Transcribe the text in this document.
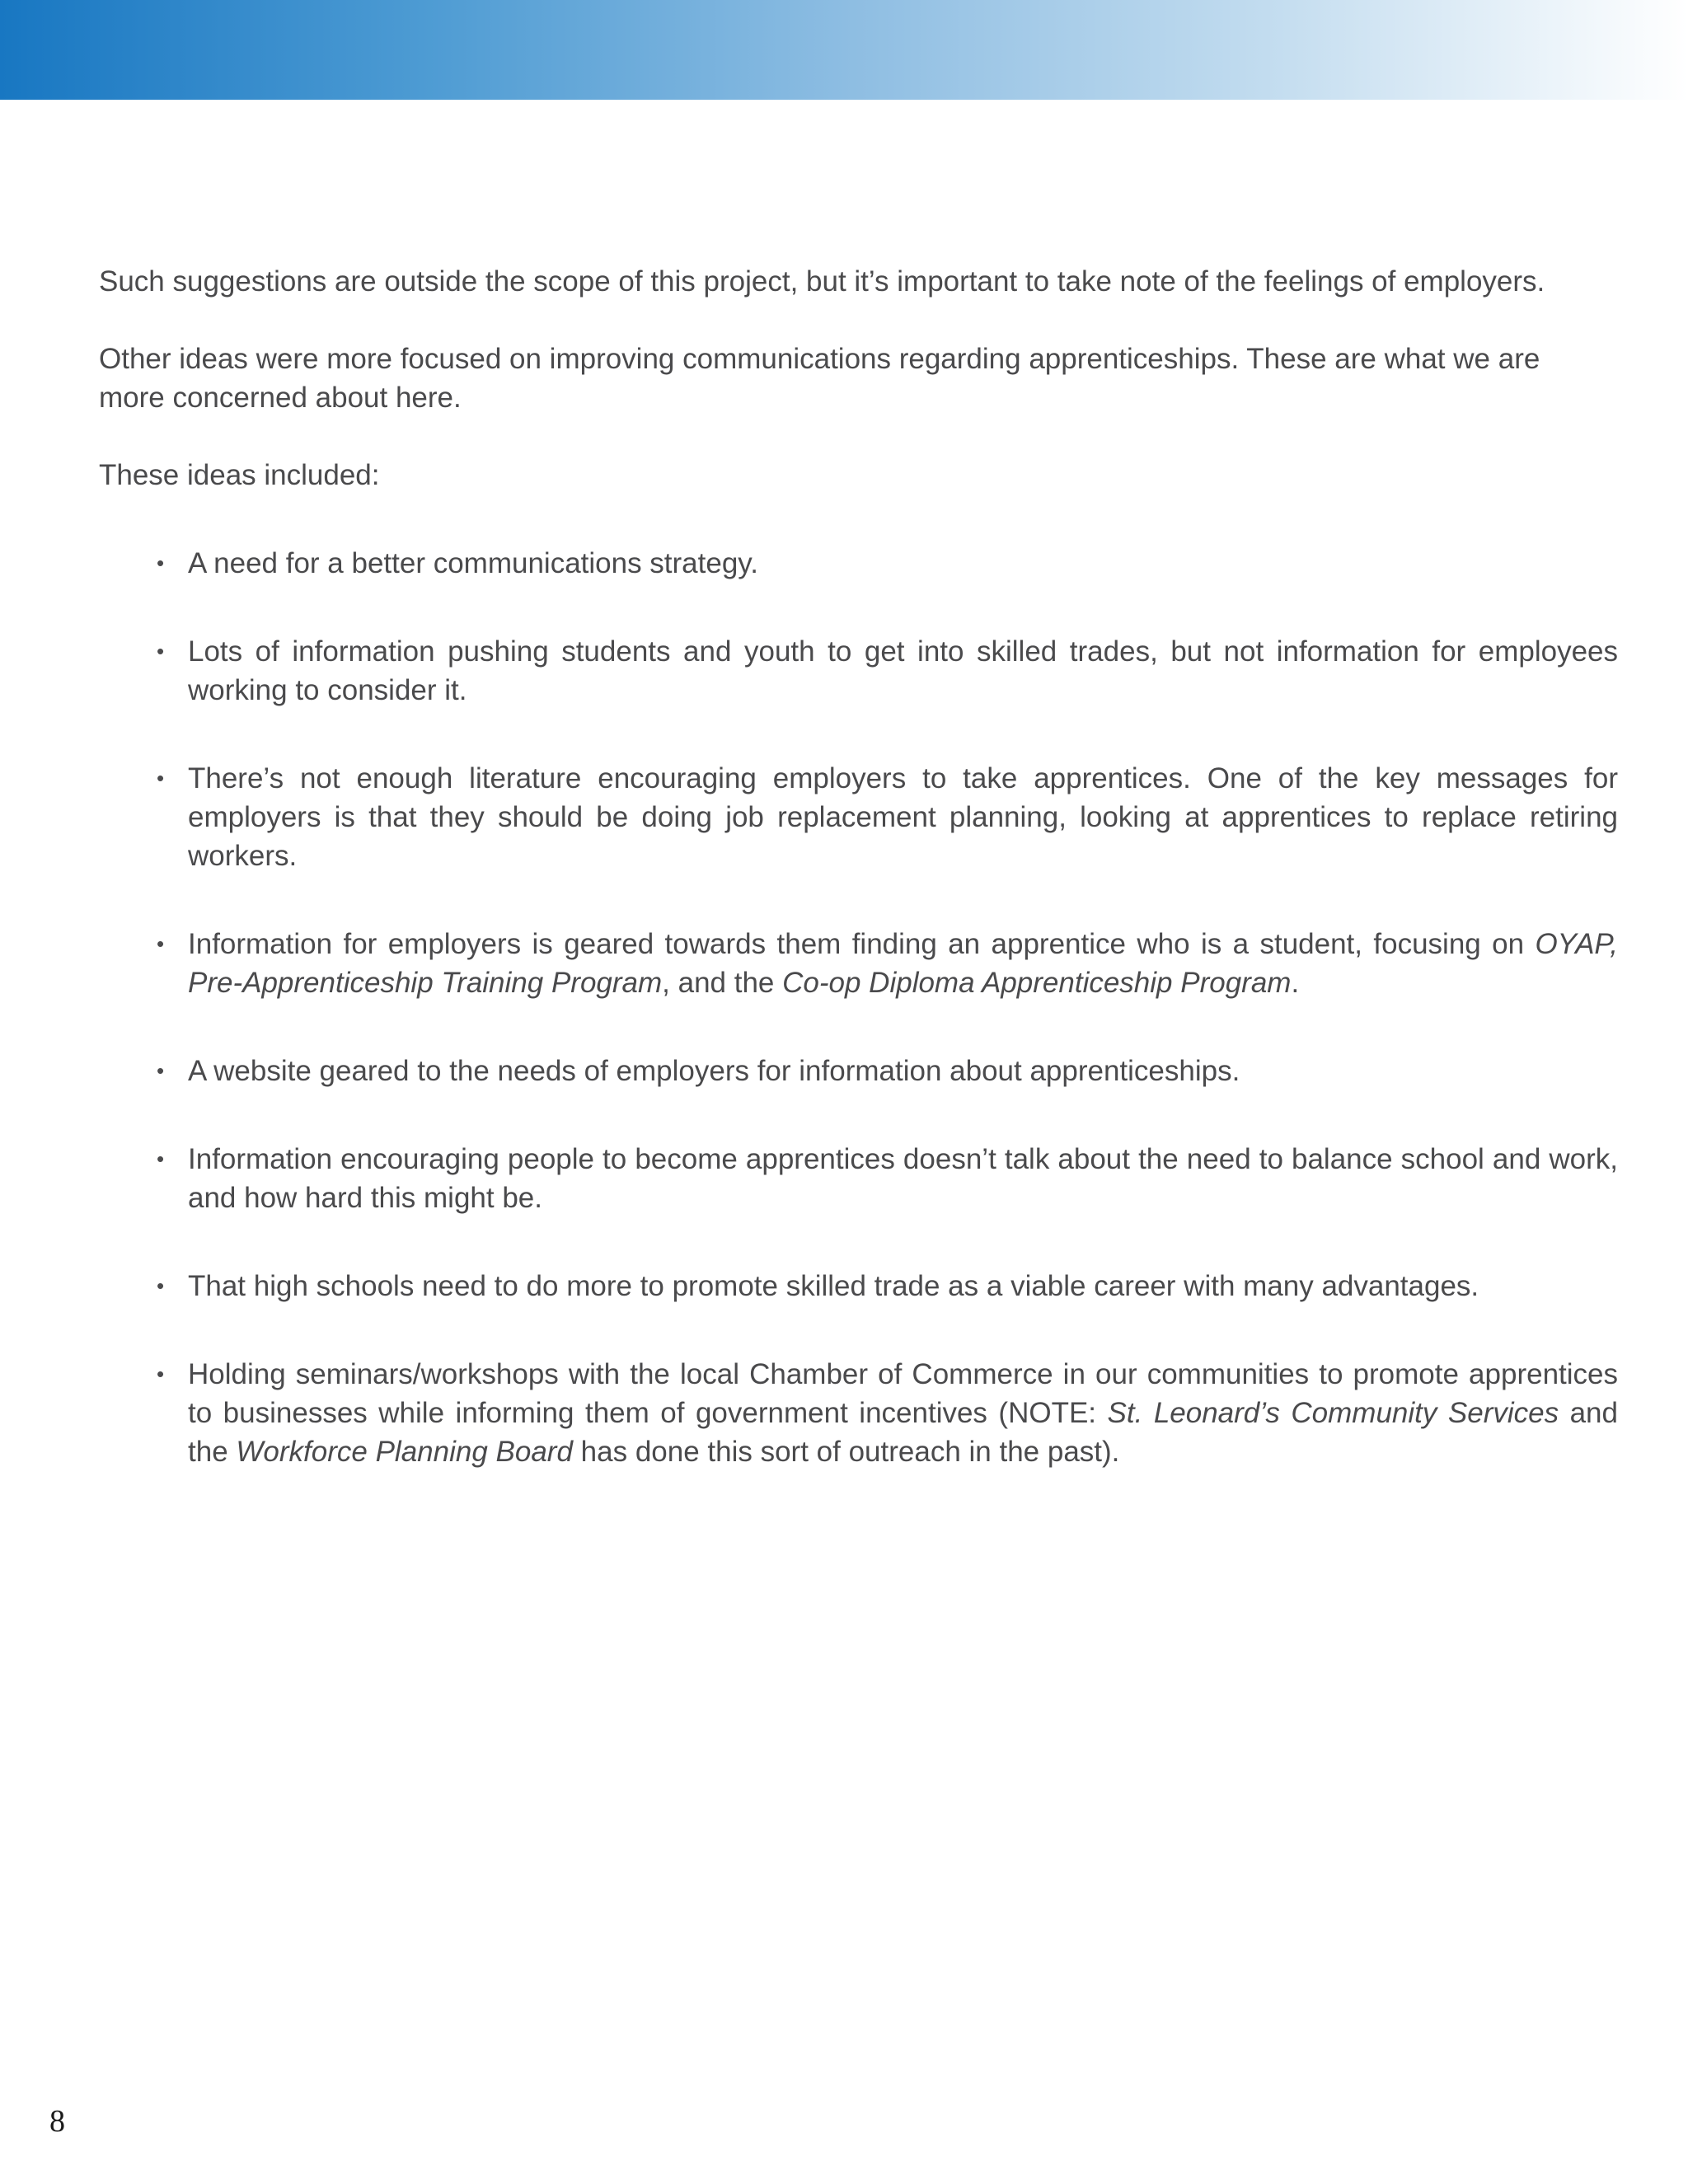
Such suggestions are outside the scope of this project, but it’s important to take note of the feelings of employers.

Other ideas were more focused on improving communications regarding apprenticeships. These are what we are more concerned about here.

These ideas included:

• A need for a better communications strategy.
• Lots of information pushing students and youth to get into skilled trades, but not information for employees working to consider it.
• There’s not enough literature encouraging employers to take apprentices. One of the key messages for employers is that they should be doing job replacement planning, looking at apprentices to replace retiring workers.
• Information for employers is geared towards them finding an apprentice who is a student, focusing on OYAP, Pre-Apprenticeship Training Program, and the Co-op Diploma Apprenticeship Program.
• A website geared to the needs of employers for information about apprenticeships.
• Information encouraging people to become apprentices doesn’t talk about the need to balance school and work, and how hard this might be.
• That high schools need to do more to promote skilled trade as a viable career with many advantages.
• Holding seminars/workshops with the local Chamber of Commerce in our communities to promote apprentices to businesses while informing them of government incentives (NOTE: St. Leonard’s Community Services and the Workforce Planning Board has done this sort of outreach in the past).
8
